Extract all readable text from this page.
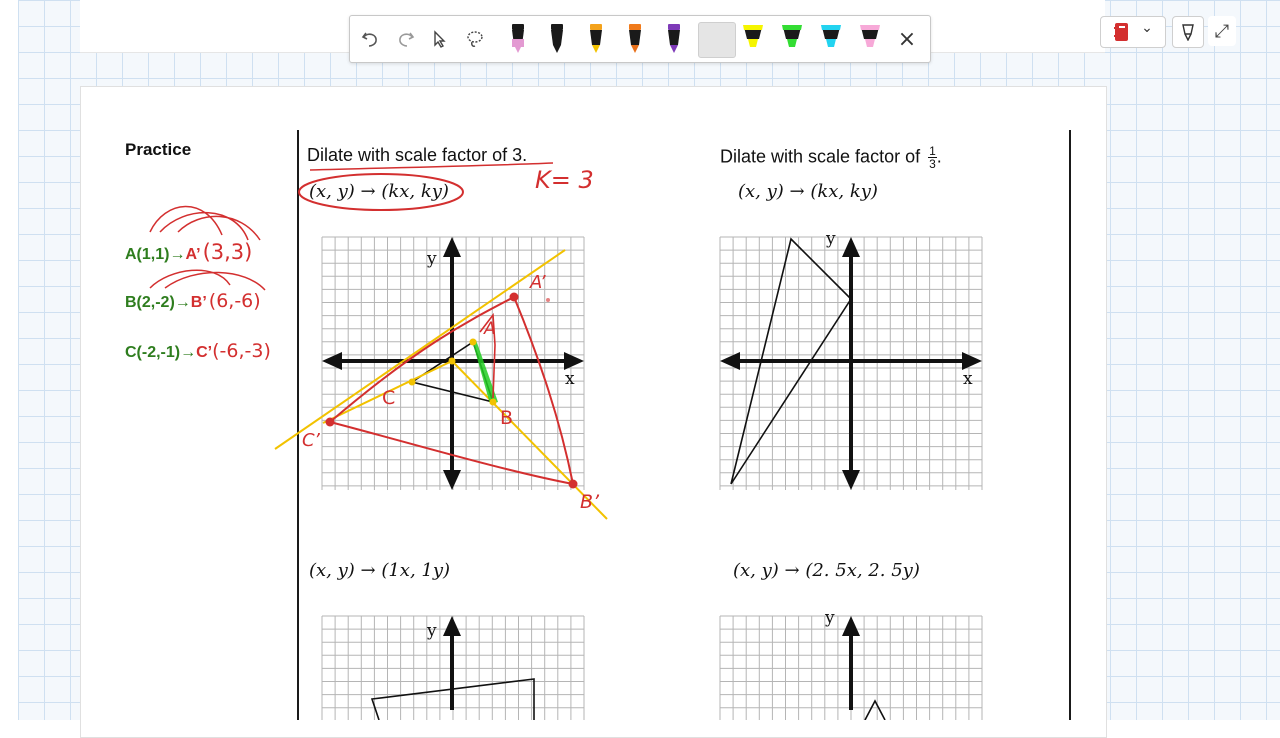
×	⌄	⤢
Practice
A(1,1)→A’(3,3)
B(2,-2)→B’ (6,-6)
C(-2,-1)→C’(-6,-3)
Dilate with scale factor of 3.
(x, y) → (kx, ky)	K= 3
Dilate with scale factor of $\frac{1}{3}$ .
(x, y) → (kx, ky)
(x, y) → (1x, 1y)	(x, y) → (2. 5x, 2. 5y)
x
y
x
y
y
y
A’
A
B
B’
C
C’
